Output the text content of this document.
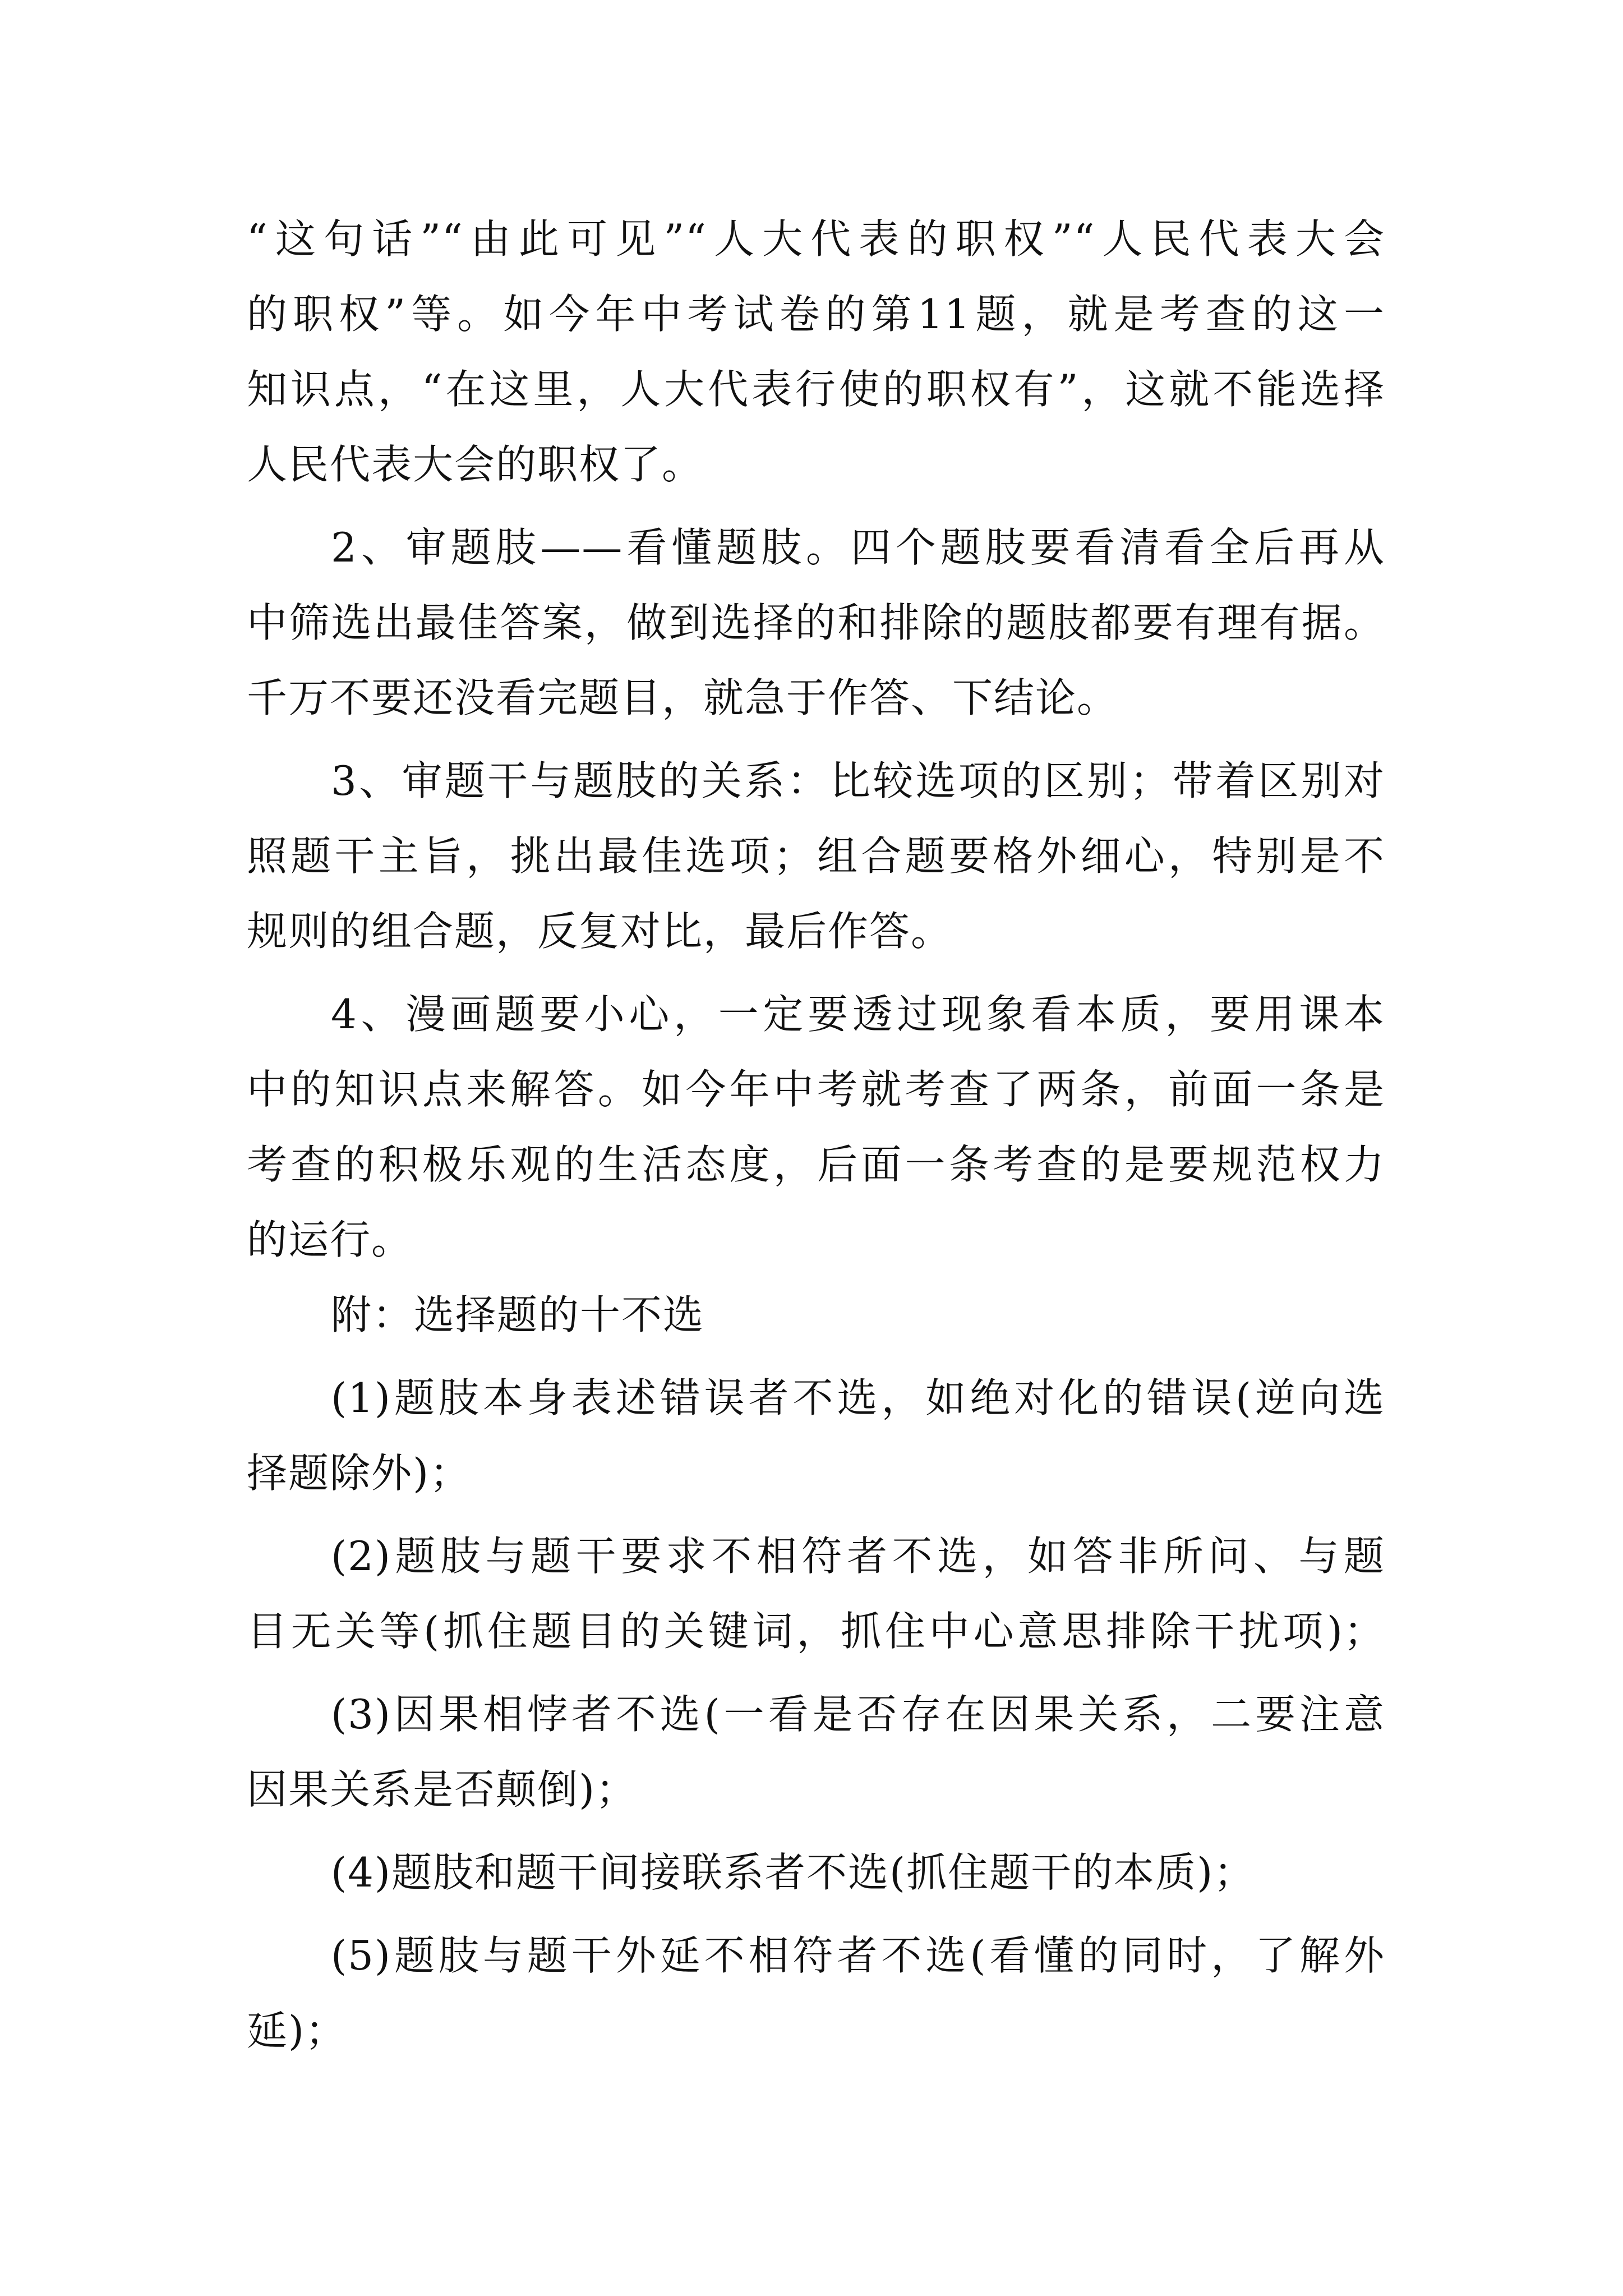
“这句话”“由此可见”“人大代表的职权”“人民代表大会

的职权”等。如今年中考试卷的第11题，就是考查的这一

知识点，“在这里，人大代表行使的职权有”，这就不能选择

人民代表大会的职权了。

2、审题肢——看懂题肢。四个题肢要看清看全后再从

中筛选出最佳答案，做到选择的和排除的题肢都要有理有据。

千万不要还没看完题目，就急于作答、下结论。

3、审题干与题肢的关系：比较选项的区别；带着区别对

照题干主旨，挑出最佳选项；组合题要格外细心，特别是不

规则的组合题，反复对比，最后作答。

4、漫画题要小心，一定要透过现象看本质，要用课本

中的知识点来解答。如今年中考就考查了两条，前面一条是

考查的积极乐观的生活态度，后面一条考查的是要规范权力

的运行。

附：选择题的十不选

(1)题肢本身表述错误者不选，如绝对化的错误(逆向选

择题除外)；

(2)题肢与题干要求不相符者不选，如答非所问、与题

目无关等(抓住题目的关键词，抓住中心意思排除干扰项)；

(3)因果相悖者不选(一看是否存在因果关系，二要注意

因果关系是否颠倒)；

(4)题肢和题干间接联系者不选(抓住题干的本质)；

(5)题肢与题干外延不相符者不选(看懂的同时，了解外

延)；
